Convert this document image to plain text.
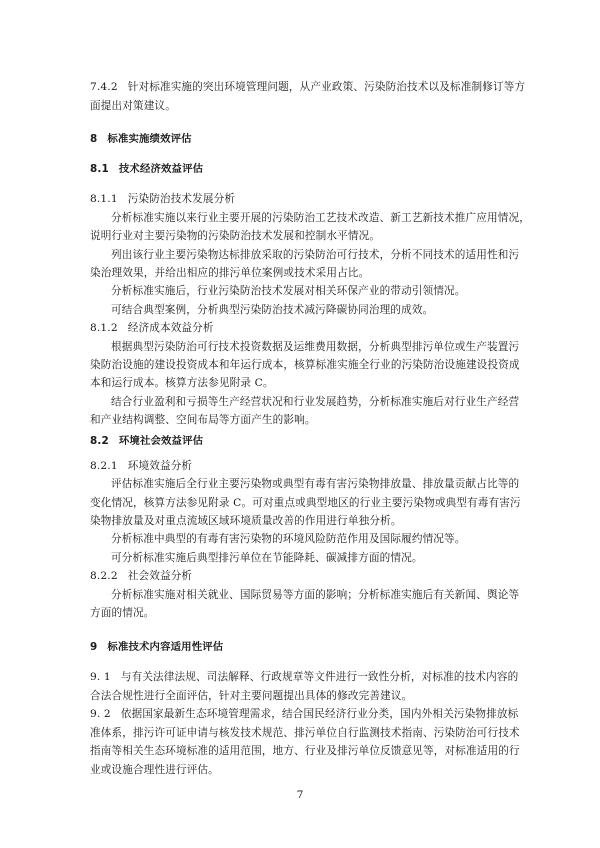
7.4.2 针对标准实施的突出环境管理问题，从产业政策、污染防治技术以及标准制修订等方
面提出对策建议。
8 标准实施绩效评估
8.1 技术经济效益评估
8.1.1 污染防治技术发展分析
分析标准实施以来行业主要开展的污染防治工艺技术改造、新工艺新技术推广应用情况，
说明行业对主要污染物的污染防治技术发展和控制水平情况。
列出该行业主要污染物达标排放采取的污染防治可行技术，分析不同技术的适用性和污
染治理效果，并给出相应的排污单位案例或技术采用占比。
分析标准实施后，行业污染防治技术发展对相关环保产业的带动引领情况。
可结合典型案例，分析典型污染防治技术减污降碳协同治理的成效。
8.1.2 经济成本效益分析
根据典型污染防治可行技术投资数据及运维费用数据，分析典型排污单位或生产装置污
染防治设施的建设投资成本和年运行成本，核算标准实施全行业的污染防治设施建设投资成
本和运行成本。核算方法参见附录 C。
结合行业盈利和亏损等生产经营状况和行业发展趋势，分析标准实施后对行业生产经营
和产业结构调整、空间布局等方面产生的影响。
8.2 环境社会效益评估
8.2.1 环境效益分析
评估标准实施后全行业主要污染物或典型有毒有害污染物排放量、排放量贡献占比等的
变化情况，核算方法参见附录 C。可对重点或典型地区的行业主要污染物或典型有毒有害污
染物排放量及对重点流域区域环境质量改善的作用进行单独分析。
分析标准中典型的有毒有害污染物的环境风险防范作用及国际履约情况等。
可分析标准实施后典型排污单位在节能降耗、碳减排方面的情况。
8.2.2 社会效益分析
分析标准实施对相关就业、国际贸易等方面的影响；分析标准实施后有关新闻、舆论等
方面的情况。
9 标准技术内容适用性评估
9. 1 与有关法律法规、司法解释、行政规章等文件进行一致性分析，对标准的技术内容的
合法合规性进行全面评估，针对主要问题提出具体的修改完善建议。
9. 2 依据国家最新生态环境管理需求，结合国民经济行业分类，国内外相关污染物排放标
准体系，排污许可证申请与核发技术规范、排污单位自行监测技术指南、污染防治可行技术
指南等相关生态环境标准的适用范围，地方、行业及排污单位反馈意见等，对标准适用的行
业或设施合理性进行评估。
7
